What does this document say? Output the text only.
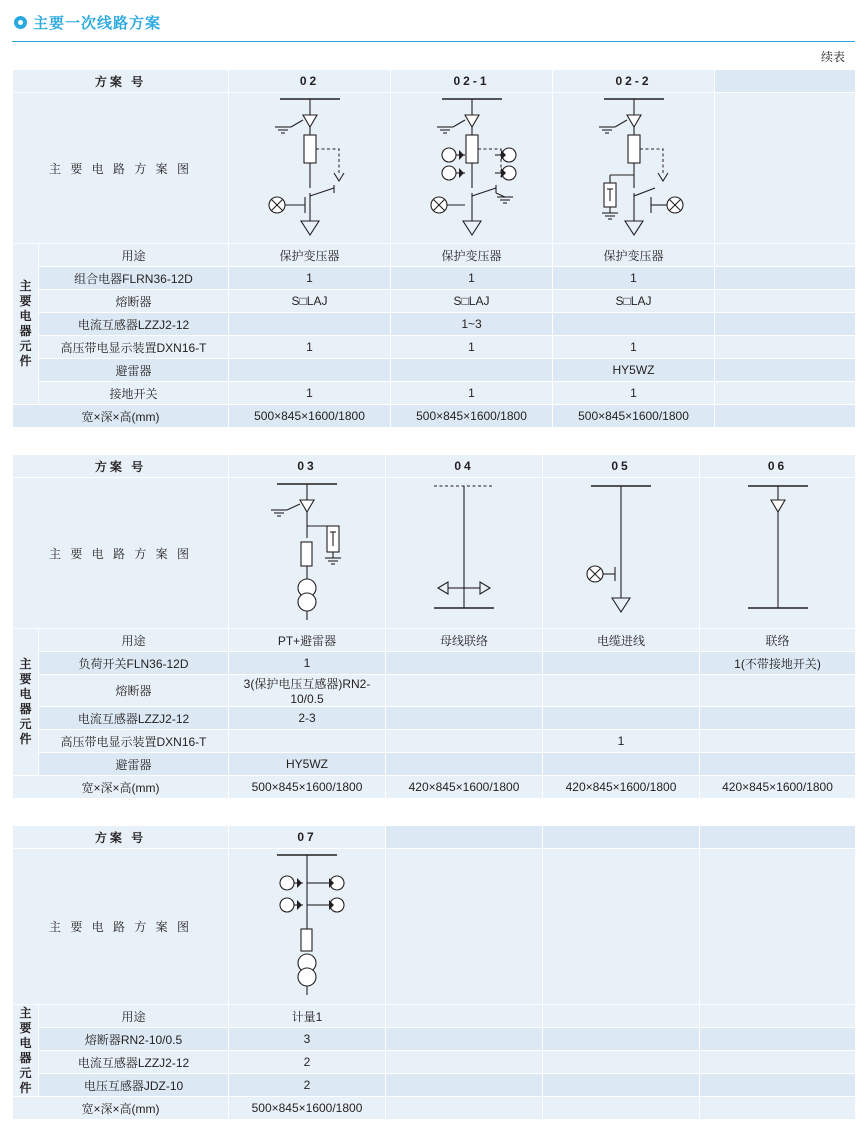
主要一次线路方案
续表
方案 号		02	02-1	02-2	
主 要 电 路 方 案 图	

主
要
电
器
元
件	用途	保护变压器	保护变压器	保护变压器	
	组合电器FLRN36-12D	1	1	1	
	熔断器	S□LAJ	S□LAJ	S□LAJ	
	电流互感器LZZJ2-12		1~3		
	高压带电显示装置DXN16-T	1	1	1	
	避雷器			HY5WZ	
	接地开关	1	1	1	
宽×深×高(mm)		500×845×1600/1800	500×845×1600/1800	500×845×1600/1800	
方案 号		03	04	05	06
主 要 电 路 方 案 图	

主
要
电
器
元
件	用途	PT+避雷器	母线联络	电缆进线	联络
	负荷开关FLN36-12D	1			1(不带接地开关)
	熔断器	3(保护电压互感器)RN2-10/0.5			
	电流互感器LZZJ2-12	2-3			
	高压带电显示装置DXN16-T			1	
	避雷器	HY5WZ			
宽×深×高(mm)		500×845×1600/1800	420×845×1600/1800	420×845×1600/1800	420×845×1600/1800
方案 号		07			
主 要 电 路 方 案 图	

主
要
电
器
元
件	用途	计量1			
	熔断器RN2-10/0.5	3			
	电流互感器LZZJ2-12	2			
	电压互感器JDZ-10	2			
宽×深×高(mm)		500×845×1600/1800			
